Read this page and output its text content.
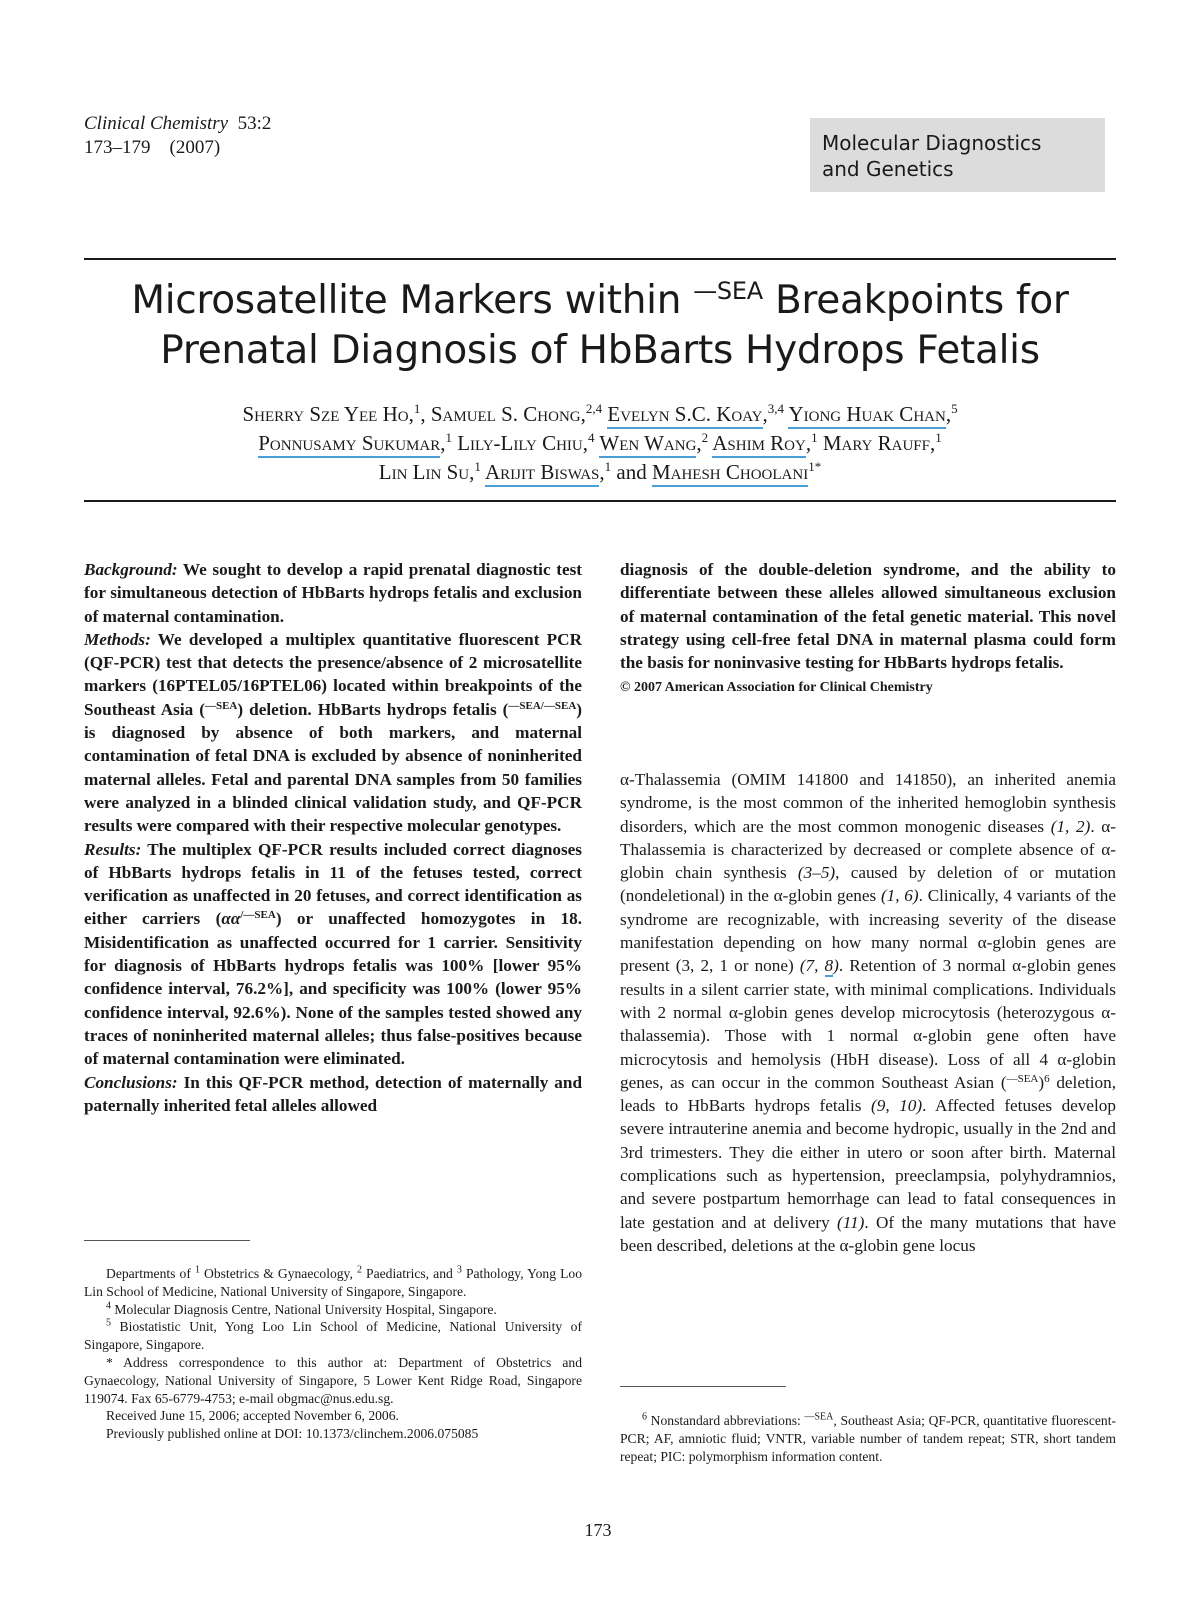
Clinical Chemistry 53:2
173–179 (2007)	Molecular Diagnostics
and Genetics
Microsatellite Markers within $^{—SEA}$ Breakpoints for
Prenatal Diagnosis of HbBarts Hydrops Fetalis
Sherry Sze Yee Ho,$^1$, Samuel S. Chong,$^{2,4}$ Evelyn S.C. Koay,$^{3,4}$ Yiong Huak Chan,$^5$
Ponnusamy Sukumar,$^1$ Lily-Lily Chiu,$^4$ Wen Wang,$^2$ Ashim Roy,$^1$ Mary Rauff,$^1$
Lin Lin Su,$^1$ Arijit Biswas,$^1$ and Mahesh Choolani$^{1*}$

Background: We sought to develop a rapid prenatal diagnostic test for simultaneous detection of HbBarts hydrops fetalis and exclusion of maternal contamination.

Methods: We developed a multiplex quantitative fluorescent PCR (QF-PCR) test that detects the presence/absence of 2 microsatellite markers (16PTEL05/16PTEL06) located within breakpoints of the Southeast Asia ($^{—SEA}$) deletion. HbBarts hydrops fetalis ($^{—SEA/—SEA}$) is diagnosed by absence of both markers, and maternal contamination of fetal DNA is excluded by absence of noninherited maternal alleles. Fetal and parental DNA samples from 50 families were analyzed in a blinded clinical validation study, and QF-PCR results were compared with their respective molecular genotypes.

Results: The multiplex QF-PCR results included correct diagnoses of HbBarts hydrops fetalis in 11 of the fetuses tested, correct verification as unaffected in 20 fetuses, and correct identification as either carriers $(\alpha\alpha^{/—SEA})$ or unaffected homozygotes in 18. Misidentification as unaffected occurred for 1 carrier. Sensitivity for diagnosis of HbBarts hydrops fetalis was 100% [lower 95% confidence interval, 76.2%], and specificity was 100% (lower 95% confidence interval, 92.6%). None of the samples tested showed any traces of noninherited maternal alleles; thus false-positives because of maternal contamination were eliminated.

Conclusions: In this QF-PCR method, detection of maternally and paternally inherited fetal alleles allowed

diagnosis of the double-deletion syndrome, and the ability to differentiate between these alleles allowed simultaneous exclusion of maternal contamination of the fetal genetic material. This novel strategy using cell-free fetal DNA in maternal plasma could form the basis for noninvasive testing for HbBarts hydrops fetalis.

© 2007 American Association for Clinical Chemistry

α-Thalassemia (OMIM 141800 and 141850), an inherited anemia syndrome, is the most common of the inherited hemoglobin synthesis disorders, which are the most common monogenic diseases (1, 2). α-Thalassemia is characterized by decreased or complete absence of α-globin chain synthesis (3–5), caused by deletion of or mutation (nondeletional) in the α-globin genes (1, 6). Clinically, 4 variants of the syndrome are recognizable, with increasing severity of the disease manifestation depending on how many normal α-globin genes are present (3, 2, 1 or none) (7, 8). Retention of 3 normal α-globin genes results in a silent carrier state, with minimal complications. Individuals with 2 normal α-globin genes develop microcytosis (heterozygous α-thalassemia). Those with 1 normal α-globin gene often have microcytosis and hemolysis (HbH disease). Loss of all 4 α-globin genes, as can occur in the common Southeast Asian $(^{—SEA})^6$ deletion, leads to HbBarts hydrops fetalis (9, 10). Affected fetuses develop severe intrauterine anemia and become hydropic, usually in the 2nd and 3rd trimesters. They die either in utero or soon after birth. Maternal complications such as hypertension, preeclampsia, polyhydramnios, and severe postpartum hemorrhage can lead to fatal consequences in late gestation and at delivery (11). Of the many mutations that have been described, deletions at the α-globin gene locus

Departments of $^1$ Obstetrics & Gynaecology, $^2$ Paediatrics, and $^3$ Pathology, Yong Loo Lin School of Medicine, National University of Singapore, Singapore.

$^4$ Molecular Diagnosis Centre, National University Hospital, Singapore.

$^5$ Biostatistic Unit, Yong Loo Lin School of Medicine, National University of Singapore, Singapore.

* Address correspondence to this author at: Department of Obstetrics and Gynaecology, National University of Singapore, 5 Lower Kent Ridge Road, Singapore 119074. Fax 65-6779-4753; e-mail obgmac@nus.edu.sg.

Received June 15, 2006; accepted November 6, 2006.

Previously published online at DOI: 10.1373/clinchem.2006.075085

$^6$ Nonstandard abbreviations: $^{—SEA}$, Southeast Asia; QF-PCR, quantitative fluorescent-PCR; AF, amniotic fluid; VNTR, variable number of tandem repeat; STR, short tandem repeat; PIC: polymorphism information content.

173
